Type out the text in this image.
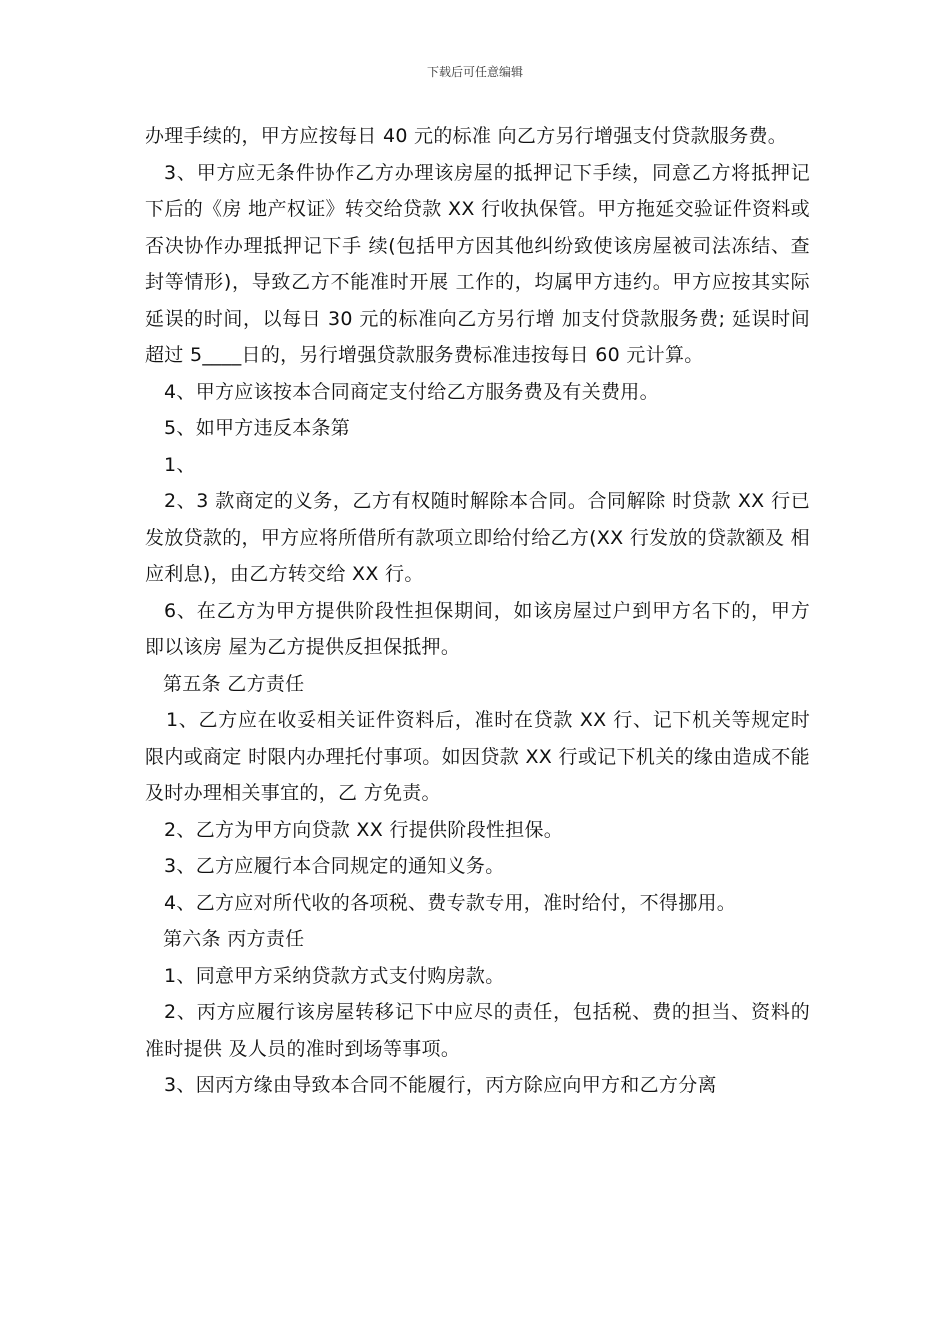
下载后可任意编辑

办理手续的，甲方应按每日 40 元的标准 向乙方另行增强支付贷款服务费。

3、甲方应无条件协作乙方办理该房屋的抵押记下手续，同意乙方将抵押记下后的《房 地产权证》转交给贷款 XX 行收执保管。甲方拖延交验证件资料或否决协作办理抵押记下手 续(包括甲方因其他纠纷致使该房屋被司法冻结、查封等情形)，导致乙方不能准时开展 工作的，均属甲方违约。甲方应按其实际延误的时间，以每日 30 元的标准向乙方另行增 加支付贷款服务费; 延误时间超过 5____日的，另行增强贷款服务费标准违按每日 60 元计算。

4、甲方应该按本合同商定支付给乙方服务费及有关费用。

5、如甲方违反本条第

1、

2、3 款商定的义务，乙方有权随时解除本合同。合同解除 时贷款 XX 行已发放贷款的，甲方应将所借所有款项立即给付给乙方(XX 行发放的贷款额及 相应利息)，由乙方转交给 XX 行。

6、在乙方为甲方提供阶段性担保期间，如该房屋过户到甲方名下的，甲方即以该房 屋为乙方提供反担保抵押。

第五条 乙方责任

1、乙方应在收妥相关证件资料后，准时在贷款 XX 行、记下机关等规定时限内或商定 时限内办理托付事项。如因贷款 XX 行或记下机关的缘由造成不能及时办理相关事宜的，乙 方免责。

2、乙方为甲方向贷款 XX 行提供阶段性担保。

3、乙方应履行本合同规定的通知义务。

4、乙方应对所代收的各项税、费专款专用，准时给付，不得挪用。

第六条 丙方责任

1、同意甲方采纳贷款方式支付购房款。

2、丙方应履行该房屋转移记下中应尽的责任，包括税、费的担当、资料的准时提供 及人员的准时到场等事项。

3、因丙方缘由导致本合同不能履行，丙方除应向甲方和乙方分离
